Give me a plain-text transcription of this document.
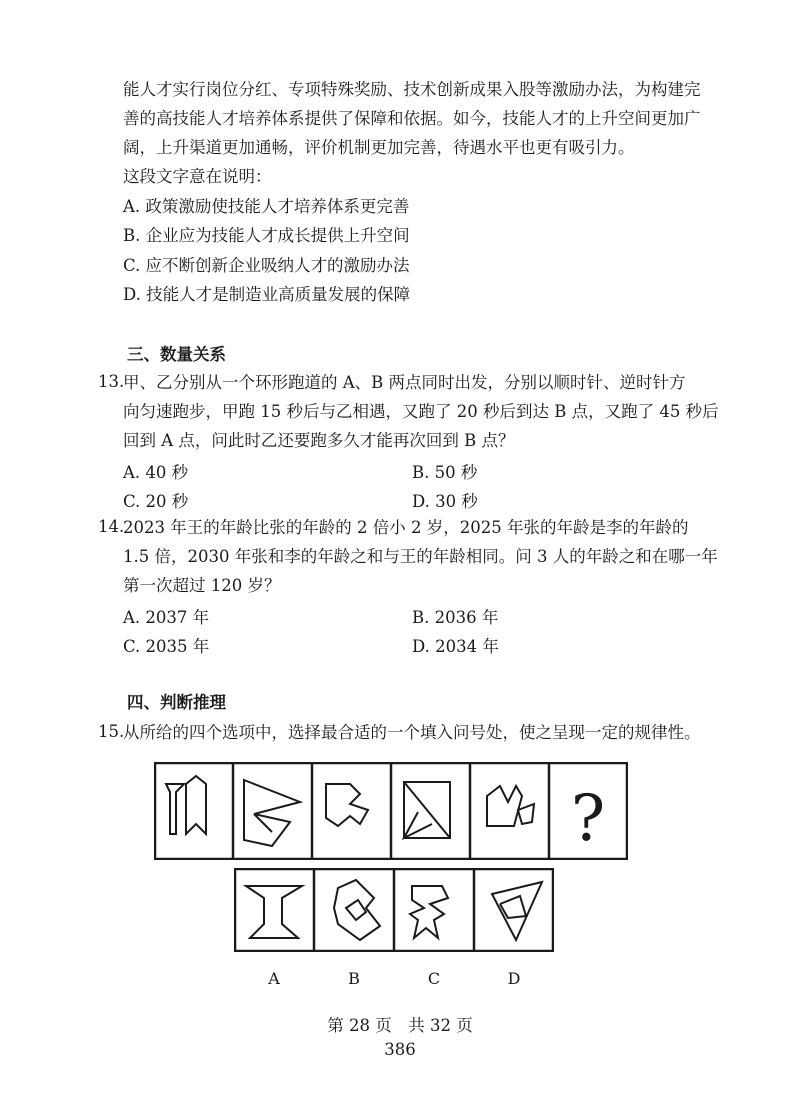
能人才实行岗位分红、专项特殊奖励、技术创新成果入股等激励办法，为构建完
善的高技能人才培养体系提供了保障和依据。如今，技能人才的上升空间更加广
阔，上升渠道更加通畅，评价机制更加完善，待遇水平也更有吸引力。
这段文字意在说明：
A. 政策激励使技能人才培养体系更完善
B. 企业应为技能人才成长提供上升空间
C. 应不断创新企业吸纳人才的激励办法
D. 技能人才是制造业高质量发展的保障
三、数量关系
13.
甲、乙分别从一个环形跑道的 A、B 两点同时出发，分别以顺时针、逆时针方
向匀速跑步，甲跑 15 秒后与乙相遇，又跑了 20 秒后到达 B 点，又跑了 45 秒后
回到 A 点，问此时乙还要跑多久才能再次回到 B 点？
A. 40 秒	B. 50 秒
C. 20 秒	D. 30 秒
14.
2023 年王的年龄比张的年龄的 2 倍小 2 岁，2025 年张的年龄是李的年龄的
1.5 倍，2030 年张和李的年龄之和与王的年龄相同。问 3 人的年龄之和在哪一年
第一次超过 120 岁？
A. 2037 年	B. 2036 年
C. 2035 年	D. 2034 年
四、判断推理
15.
从所给的四个选项中，选择最合适的一个填入问号处，使之呈现一定的规律性。
?
A	B	C	D
第 28 页　共 32 页
386
